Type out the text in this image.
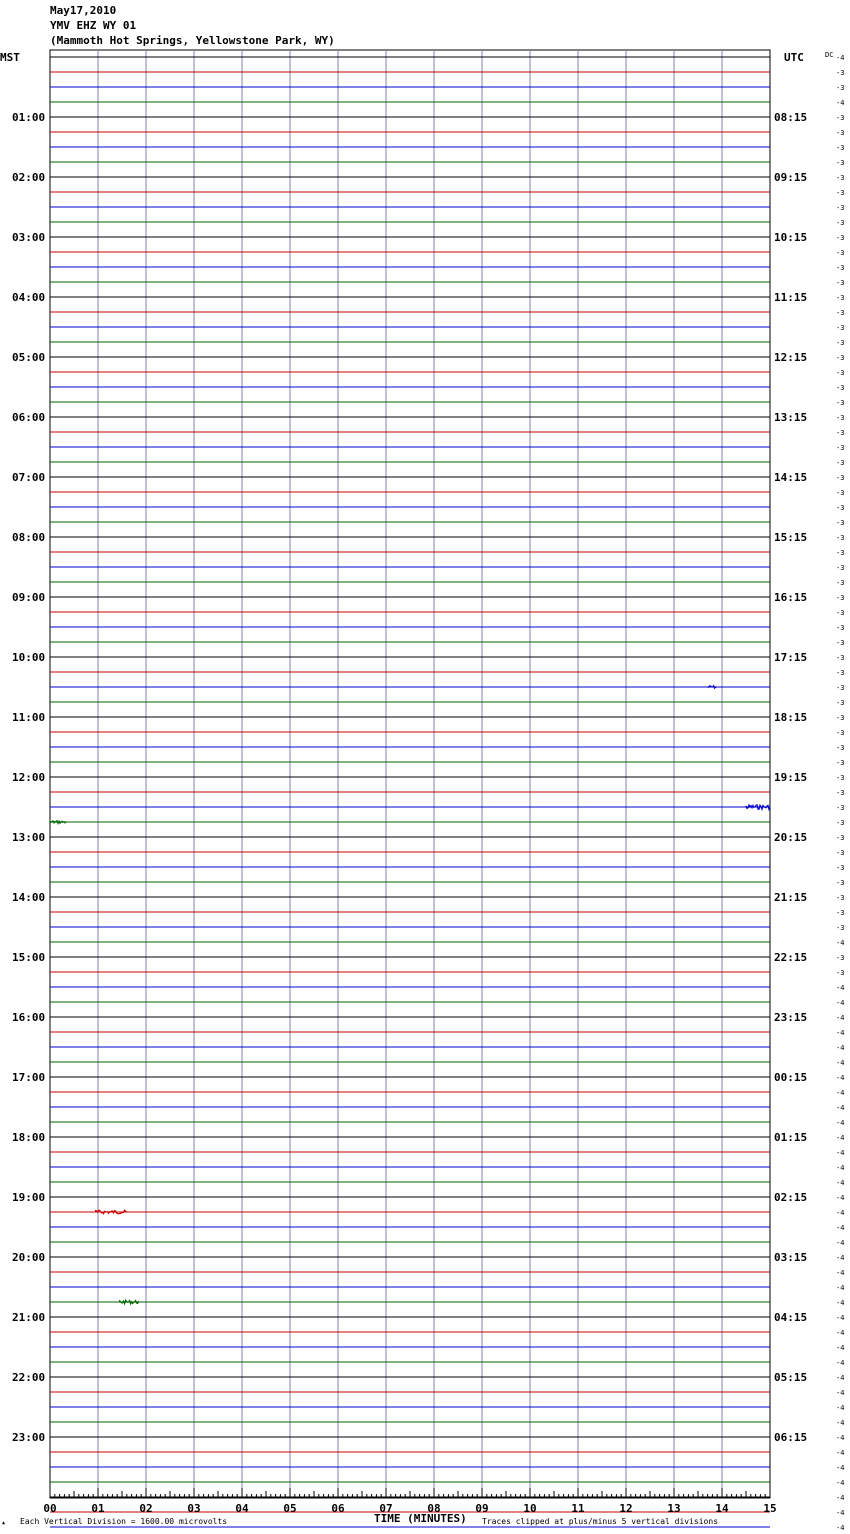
May17,2010
YMV EHZ WY 01
(Mammoth Hot Springs, Yellowstone Park, WY)
-4
-3
-3
-4
-3
-3
-3
-3
-3
-3
-3
-3
-3
-3
-3
-3
-3
-3
-3
-3
-3
-3
-3
-3
-3
-3
-3
-3
-3
-3
-3
-3
-3
-3
-3
-3
-3
-3
-3
-3
-3
-3
-3
-3
-3
-3
-3
-3
-3
-3
-3
-3
-3
-3
-3
-3
-3
-3
-3
-4
-3
-3
-4
-4
-4
-4
-4
-4
-4
-4
-4
-4
-4
-4
-4
-4
-4
-4
-4
-4
-4
-4
-4
-4
-4
-4
-4
-4
-4
-4
-4
-4
-4
-4
-4
-4
-4
-4
-4
DC
MST	UTC
01:00	08:15
02:00	09:15
03:00	10:15
04:00	11:15
05:00	12:15
06:00	13:15
07:00	14:15
08:00	15:15
09:00	16:15
10:00	17:15
11:00	18:15
12:00	19:15
13:00	20:15
14:00	21:15
15:00	22:15
16:00	23:15
17:00	00:15
18:00	01:15
19:00	02:15
20:00	03:15
21:00	04:15
22:00	05:15
23:00	06:15
00	01	02	03	04	05	06	07	08	09	10	11	12	13	14	15
▲ Each Vertical Division = 1600.00 microvolts	TIME (MINUTES) Traces clipped at plus/minus 5 vertical divisions
